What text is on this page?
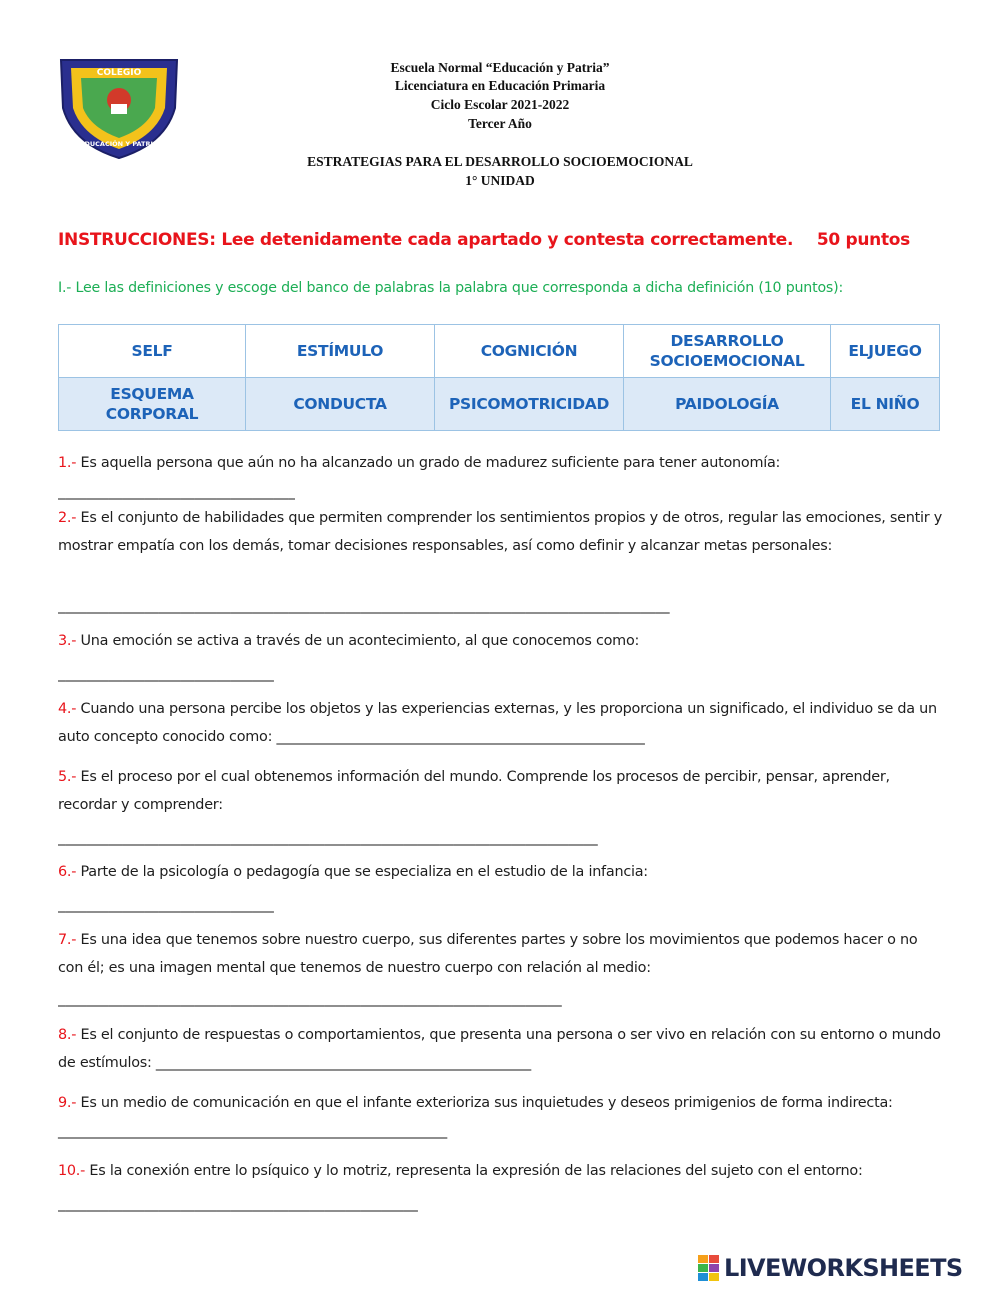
COLEGIO
EDUCACIÓN Y PATRIA
Escuela Normal “Educación y Patria”
Licenciatura en Educación Primaria
Ciclo Escolar 2021-2022
Tercer Año
ESTRATEGIAS PARA EL DESARROLLO SOCIOEMOCIONAL
1° UNIDAD
INSTRUCCIONES: Lee detenidamente cada apartado y contesta correctamente. 50 puntos
I.- Lee las definiciones y escoge del banco de palabras la palabra que corresponda a dicha definición (10 puntos):
SELF	ESTÍMULO	COGNICIÓN	DESARROLLO SOCIOEMOCIONAL	ELJUEGO
ESQUEMA CORPORAL	CONDUCTA	PSICOMOTRICIDAD	PAIDOLOGÍA	EL NIÑO
1.- Es aquella persona que aún no ha alcanzado un grado de madurez suficiente para tener autonomía:
_________________________________
2.- Es el conjunto de habilidades que permiten comprender los sentimientos propios y de otros, regular las emociones, sentir y mostrar empatía con los demás, tomar decisiones responsables, así como definir y alcanzar metas personales:
_____________________________________________________________________________________
3.- Una emoción se activa a través de un acontecimiento, al que conocemos como:
______________________________
4.- Cuando una persona percibe los objetos y las experiencias externas, y les proporciona un significado, el individuo se da un auto concepto conocido como: _____________________________________________________
5.- Es el proceso por el cual obtenemos información del mundo. Comprende los procesos de percibir, pensar, aprender, recordar y comprender:
___________________________________________________________________________
6.- Parte de la psicología o pedagogía que se especializa en el estudio de la infancia:
______________________________
7.- Es una idea que tenemos sobre nuestro cuerpo, sus diferentes partes y sobre los movimientos que podemos hacer o no con él; es una imagen mental que tenemos de nuestro cuerpo con relación al medio:
______________________________________________________________________
8.- Es el conjunto de respuestas o comportamientos, que presenta una persona o ser vivo en relación con su entorno o mundo de estímulos: ______________________________________________________
9.- Es un medio de comunicación en que el infante exterioriza sus inquietudes y deseos primigenios de forma indirecta: ________________________________________________________
10.- Es la conexión entre lo psíquico y lo motriz, representa la expresión de las relaciones del sujeto con el entorno:
__________________________________________________
LIVEWORKSHEETS
